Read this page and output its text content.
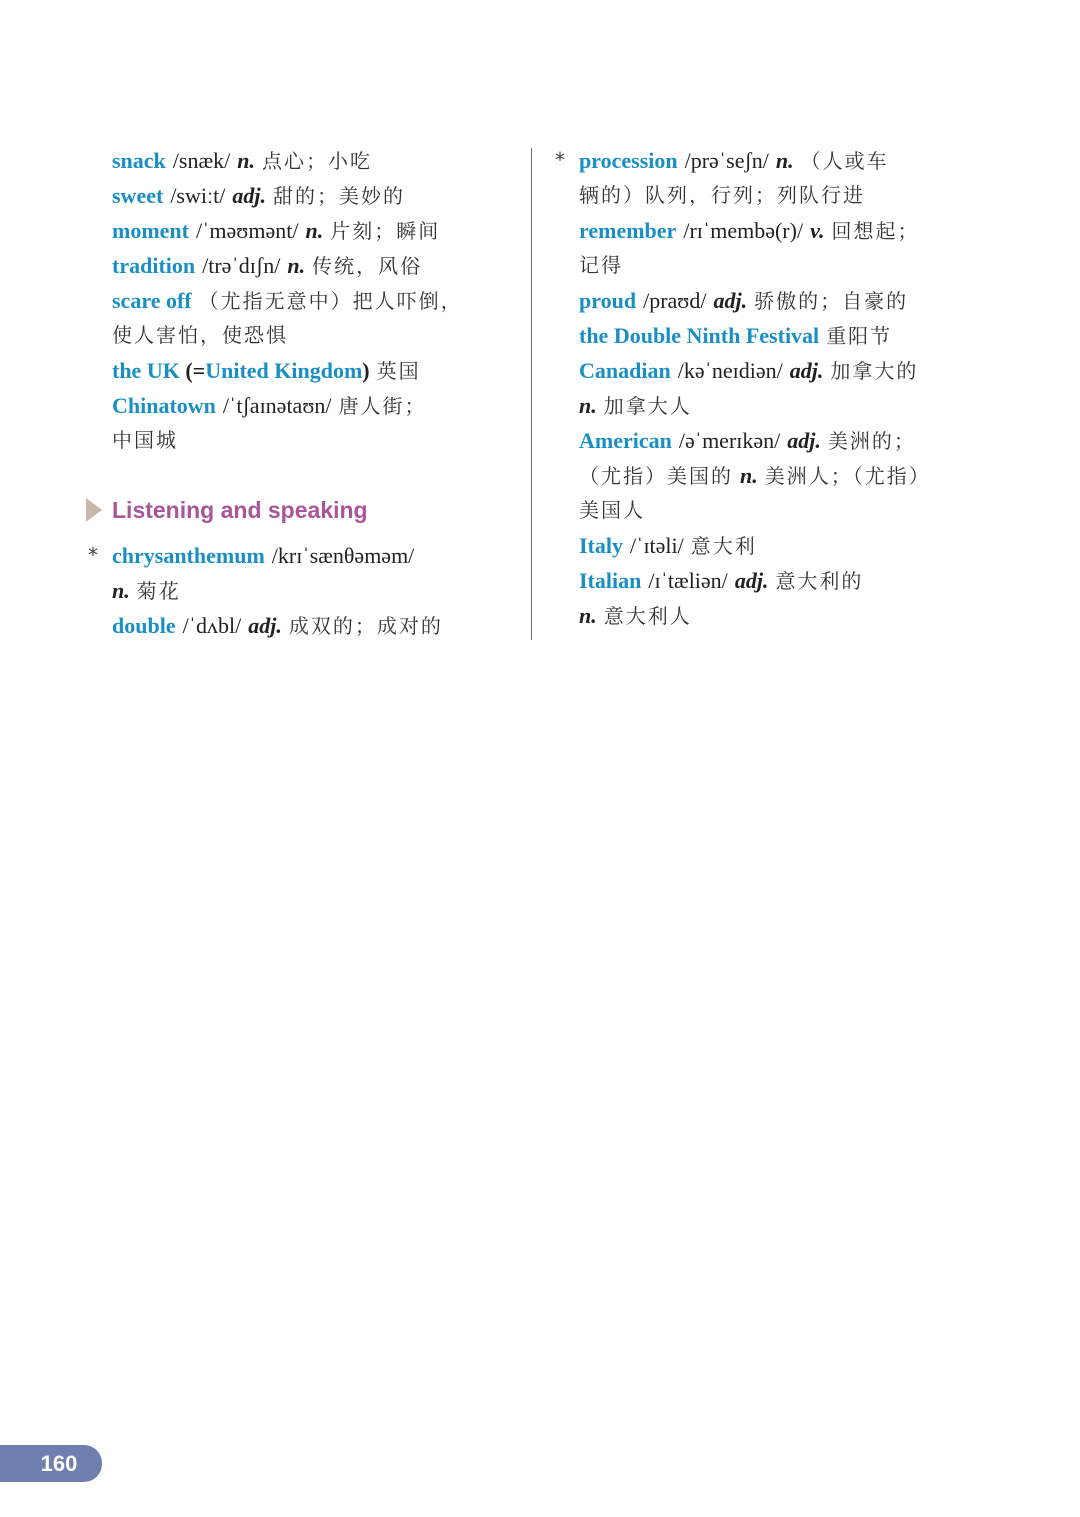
snack /snæk/ n. 点心；小吃
sweet /swiːt/ adj. 甜的；美妙的
moment /ˈməʊmənt/ n. 片刻；瞬间
tradition /trəˈdɪʃn/ n. 传统，风俗
scare off （尤指无意中）把人吓倒，
使人害怕，使恐惧
the UK (=United Kingdom) 英国
Chinatown /ˈtʃaɪnətaʊn/ 唐人街；
中国城
Listening and speaking
* chrysanthemum /krɪˈsænθəməm/
n. 菊花
double /ˈdʌbl/ adj. 成双的；成对的
* procession /prəˈseʃn/ n. （人或车
辆的）队列，行列；列队行进
remember /rɪˈmembə(r)/ v. 回想起；
记得
proud /praʊd/ adj. 骄傲的；自豪的
the Double Ninth Festival 重阳节
Canadian /kəˈneɪdiən/ adj. 加拿大的
n. 加拿大人
American /əˈmerɪkən/ adj. 美洲的；
（尤指）美国的 n. 美洲人；（尤指）
美国人
Italy /ˈɪtəli/ 意大利
Italian /ɪˈtæliən/ adj. 意大利的
n. 意大利人
160
